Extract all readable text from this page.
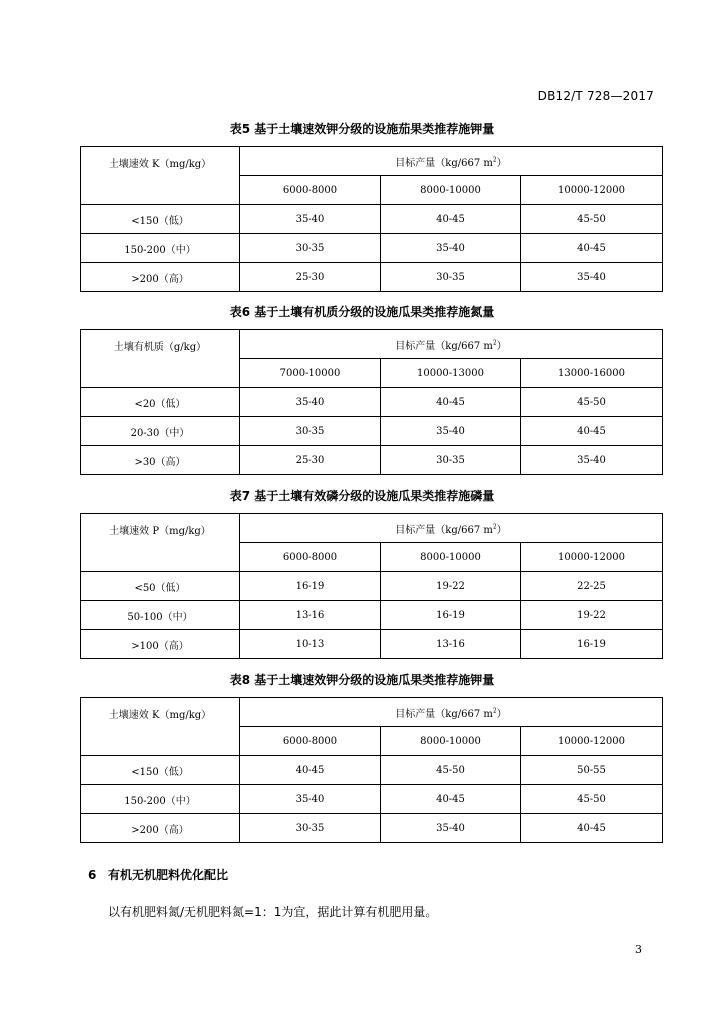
DB12/T 728—2017
表5 基于土壤速效钾分级的设施茄果类推荐施钾量
土壤速效 K（mg/kg）	目标产量（kg/667 $m^2$）		
	6000-8000	8000-10000	10000-12000
<150（低）	35-40	40-45	45-50
150-200（中）	30-35	35-40	40-45
>200（高）	25-30	30-35	35-40
表6 基于土壤有机质分级的设施瓜果类推荐施氮量
土壤有机质（g/kg）	目标产量（kg/667 $m^2$）		
	7000-10000	10000-13000	13000-16000
<20（低）	35-40	40-45	45-50
20-30（中）	30-35	35-40	40-45
>30（高）	25-30	30-35	35-40
表7 基于土壤有效磷分级的设施瓜果类推荐施磷量
土壤速效 P（mg/kg）	目标产量（kg/667 $m^2$）		
	6000-8000	8000-10000	10000-12000
<50（低）	16-19	19-22	22-25
50-100（中）	13-16	16-19	19-22
>100（高）	10-13	13-16	16-19
表8 基于土壤速效钾分级的设施瓜果类推荐施钾量
土壤速效 K（mg/kg）	目标产量（kg/667 $m^2$）		
	6000-8000	8000-10000	10000-12000
<150（低）	40-45	45-50	50-55
150-200（中）	35-40	40-45	45-50
>200（高）	30-35	35-40	40-45
6 有机无机肥料优化配比
以有机肥料氮/无机肥料氮=1：1为宜，据此计算有机肥用量。
3
